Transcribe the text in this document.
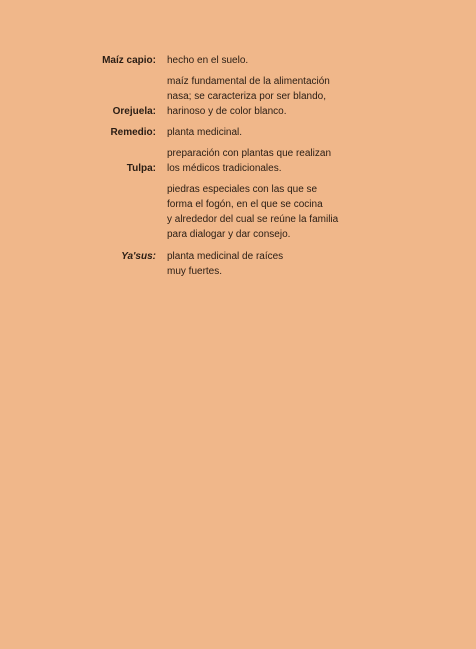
Maíz capio: hecho en el suelo.
Orejuela:
maíz fundamental de la alimentación
nasa; se caracteriza por ser blando,
harinoso y de color blanco.
Remedio: planta medicinal.
Tulpa:
preparación con plantas que realizan
los médicos tradicionales.
piedras especiales con las que se
forma el fogón, en el que se cocina
y alrededor del cual se reúne la familia
para dialogar y dar consejo.
Ya'sus: planta medicinal de raíces
muy fuertes.
